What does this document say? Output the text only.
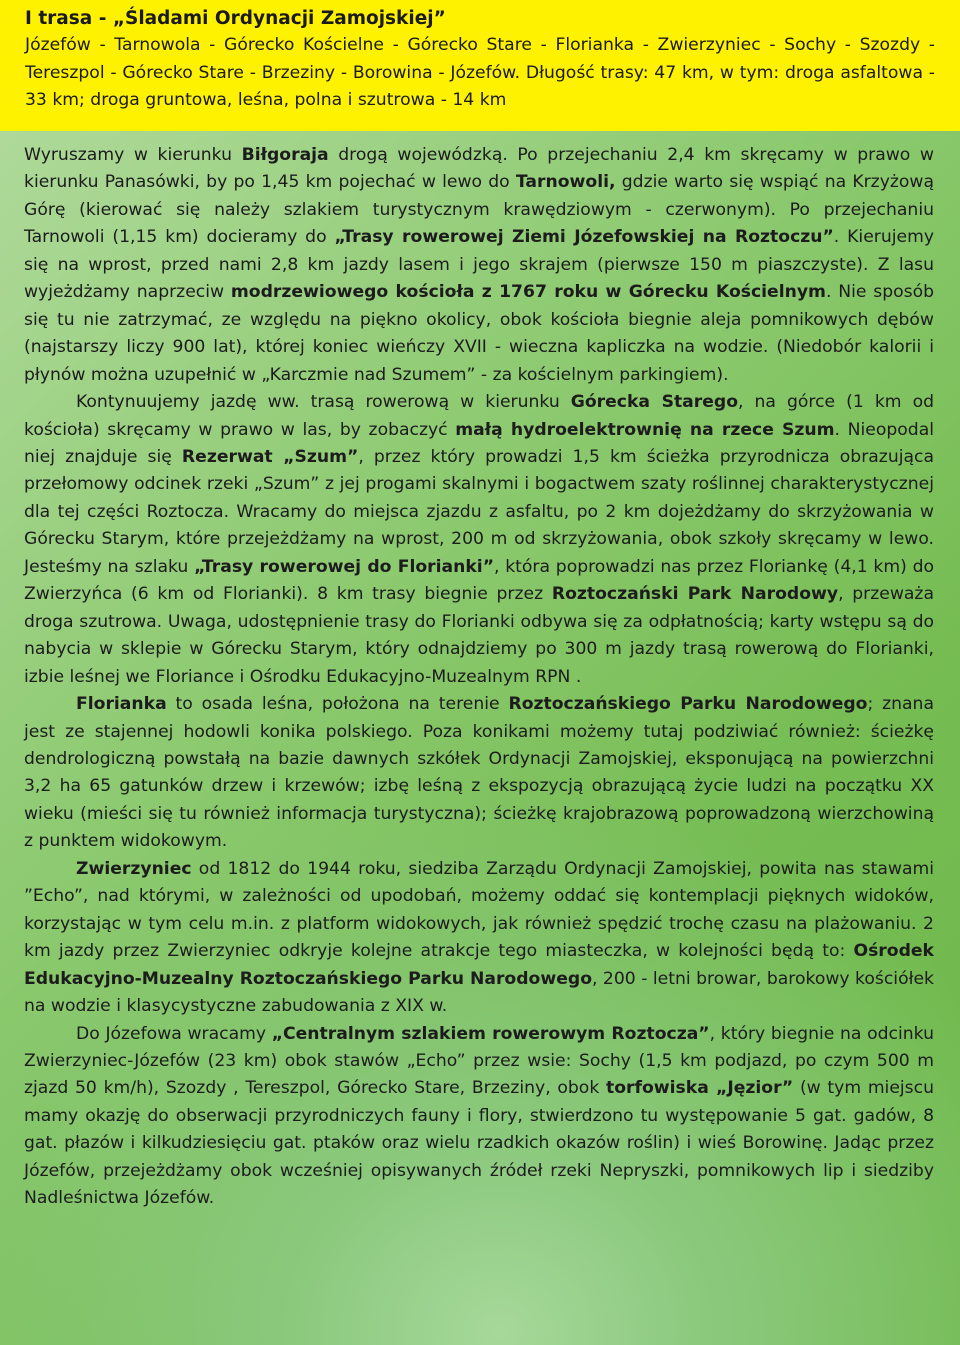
I trasa - „Śladami Ordynacji Zamojskiej”

Józefów - Tarnowola - Górecko Kościelne - Górecko Stare - Florianka - Zwierzyniec - Sochy - Szozdy - Tereszpol - Górecko Stare - Brzeziny - Borowina - Józefów. Długość trasy: 47 km, w tym: droga asfaltowa - 33 km; droga gruntowa, leśna, polna i szutrowa - 14 km

Wyruszamy w kierunku Biłgoraja drogą wojewódzką. Po przejechaniu 2,4 km skręcamy w prawo w kierunku Panasówki, by po 1,45 km pojechać w lewo do Tarnowoli, gdzie warto się wspiąć na Krzyżową Górę (kierować się należy szlakiem turystycznym krawędziowym - czerwonym). Po przejechaniu Tarnowoli (1,15 km) docieramy do „Trasy rowerowej Ziemi Józefowskiej na Roztoczu”. Kierujemy się na wprost, przed nami 2,8 km jazdy lasem i jego skrajem (pierwsze 150 m piaszczyste). Z lasu wyjeżdżamy naprzeciw modrzewiowego kościoła z 1767 roku w Górecku Kościelnym. Nie sposób się tu nie zatrzymać, ze względu na piękno okolicy, obok kościoła biegnie aleja pomnikowych dębów (najstarszy liczy 900 lat), której koniec wieńczy XVII - wieczna kapliczka na wodzie. (Niedobór kalorii i płynów można uzupełnić w „Karczmie nad Szumem” - za kościelnym parkingiem).

Kontynuujemy jazdę ww. trasą rowerową w kierunku Górecka Starego, na górce (1 km od kościoła) skręcamy w prawo w las, by zobaczyć małą hydroelektrownię na rzece Szum. Nieopodal niej znajduje się Rezerwat „Szum”, przez który prowadzi 1,5 km ścieżka przyrodnicza obrazująca przełomowy odcinek rzeki „Szum” z jej progami skalnymi i bogactwem szaty roślinnej charakterystycznej dla tej części Roztocza. Wracamy do miejsca zjazdu z asfaltu, po 2 km dojeżdżamy do skrzyżowania w Górecku Starym, które przejeżdżamy na wprost, 200 m od skrzyżowania, obok szkoły skręcamy w lewo. Jesteśmy na szlaku „Trasy rowerowej do Florianki”, która poprowadzi nas przez Floriankę (4,1 km) do Zwierzyńca (6 km od Florianki). 8 km trasy biegnie przez Roztoczański Park Narodowy, przeważa droga szutrowa. Uwaga, udostępnienie trasy do Florianki odbywa się za odpłatnością; karty wstępu są do nabycia w sklepie w Górecku Starym, który odnajdziemy po 300 m jazdy trasą rowerową do Florianki, izbie leśnej we Floriance i Ośrodku Edukacyjno-Muzealnym RPN .

Florianka to osada leśna, położona na terenie Roztoczańskiego Parku Narodowego; znana jest ze stajennej hodowli konika polskiego. Poza konikami możemy tutaj podziwiać również: ścieżkę dendrologiczną powstałą na bazie dawnych szkółek Ordynacji Zamojskiej, eksponującą na powierzchni 3,2 ha 65 gatunków drzew i krzewów; izbę leśną z ekspozycją obrazującą życie ludzi na początku XX wieku (mieści się tu również informacja turystyczna); ścieżkę krajobrazową poprowadzoną wierzchowiną z punktem widokowym.

Zwierzyniec od 1812 do 1944 roku, siedziba Zarządu Ordynacji Zamojskiej, powita nas stawami ”Echo”, nad którymi, w zależności od upodobań, możemy oddać się kontemplacji pięknych widoków, korzystając w tym celu m.in. z platform widokowych, jak również spędzić trochę czasu na plażowaniu. 2 km jazdy przez Zwierzyniec odkryje kolejne atrakcje tego miasteczka, w kolejności będą to: Ośrodek Edukacyjno-Muzealny Roztoczańskiego Parku Narodowego, 200 - letni browar, barokowy kościółek na wodzie i klasycystyczne zabudowania z XIX w.

Do Józefowa wracamy „Centralnym szlakiem rowerowym Roztocza”, który biegnie na odcinku Zwierzyniec-Józefów (23 km) obok stawów „Echo” przez wsie: Sochy (1,5 km podjazd, po czym 500 m zjazd 50 km/h), Szozdy , Tereszpol, Górecko Stare, Brzeziny, obok torfowiska „Jęzior” (w tym miejscu mamy okazję do obserwacji przyrodniczych fauny i flory, stwierdzono tu występowanie 5 gat. gadów, 8 gat. płazów i kilkudziesięciu gat. ptaków oraz wielu rzadkich okazów roślin) i wieś Borowinę. Jadąc przez Józefów, przejeżdżamy obok wcześniej opisywanych źródeł rzeki Nepryszki, pomnikowych lip i siedziby Nadleśnictwa Józefów.
